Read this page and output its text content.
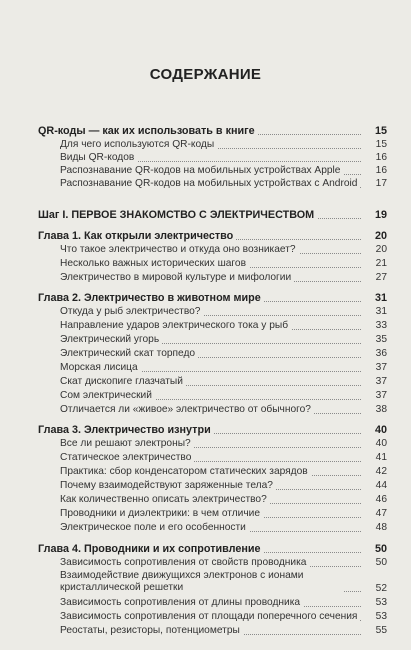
СОДЕРЖАНИЕ
QR-коды — как их использовать в книге	15
Для чего используются QR-коды	15
Виды QR-кодов	16
Распознавание QR-кодов на мобильных устройствах Apple	16
Распознавание QR-кодов на мобильных устройствах с Android	17
Шаг I. ПЕРВОЕ ЗНАКОМСТВО С ЭЛЕКТРИЧЕСТВОМ	19
Глава 1. Как открыли электричество	20
Что такое электричество и откуда оно возникает?	20
Несколько важных исторических шагов	21
Электричество в мировой культуре и мифологии	27
Глава 2. Электричество в животном мире	31
Откуда у рыб электричество?	31
Направление ударов электрического тока у рыб	33
Электрический угорь	35
Электрический скат торпедо	36
Морская лисица	37
Скат дископиге глазчатый	37
Сом электрический	37
Отличается ли «живое» электричество от обычного?	38
Глава 3. Электричество изнутри	40
Все ли решают электроны?	40
Статическое электричество	41
Практика: сбор конденсатором статических зарядов	42
Почему взаимодействуют заряженные тела?	44
Как количественно описать электричество?	46
Проводники и диэлектрики: в чем отличие	47
Электрическое поле и его особенности	48
Глава 4. Проводники и их сопротивление	50
Зависимость сопротивления от свойств проводника	50
Взаимодействие движущихся электронов с ионами кристаллической решетки	52
Зависимость сопротивления от длины проводника	53
Зависимость сопротивления от площади поперечного сечения	53
Реостаты, резисторы, потенциометры	55
